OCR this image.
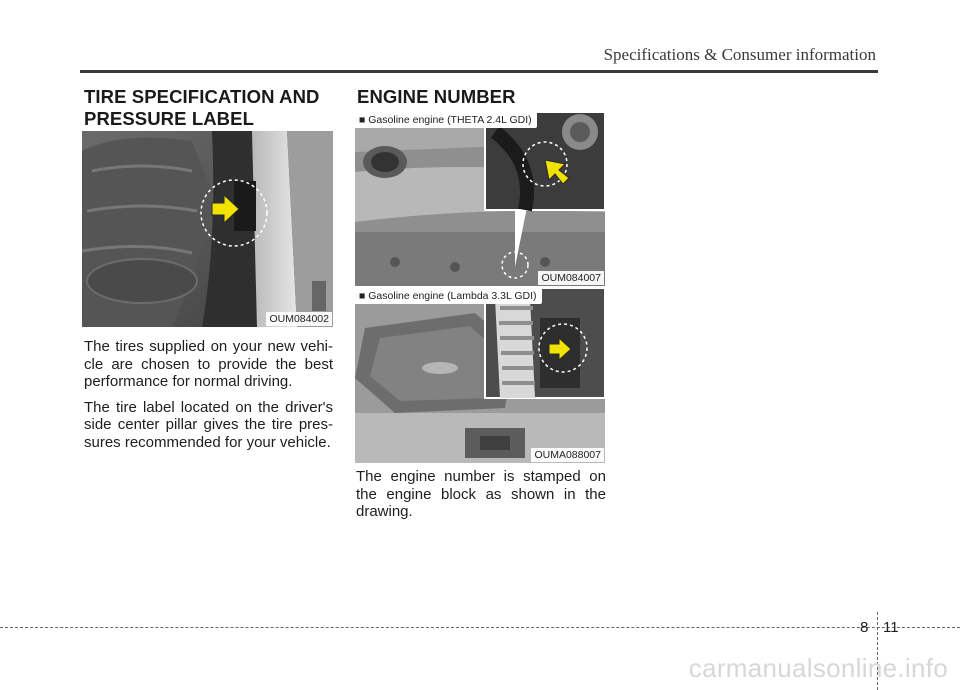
Specifications & Consumer information
TIRE SPECIFICATION AND
PRESSURE LABEL
OUM084002

The tires supplied on your new vehi-cle are chosen to provide the best performance for normal driving.

The tire label located on the driver's side center pillar gives the tire pres-sures recommended for your vehicle.

ENGINE NUMBER
■ Gasoline engine (THETA 2.4L GDI)
OUM084007
■ Gasoline engine (Lambda 3.3L GDI)
OUMA088007

The engine number is stamped on the engine block as shown in the drawing.

8 11
carmanualsonline.info
